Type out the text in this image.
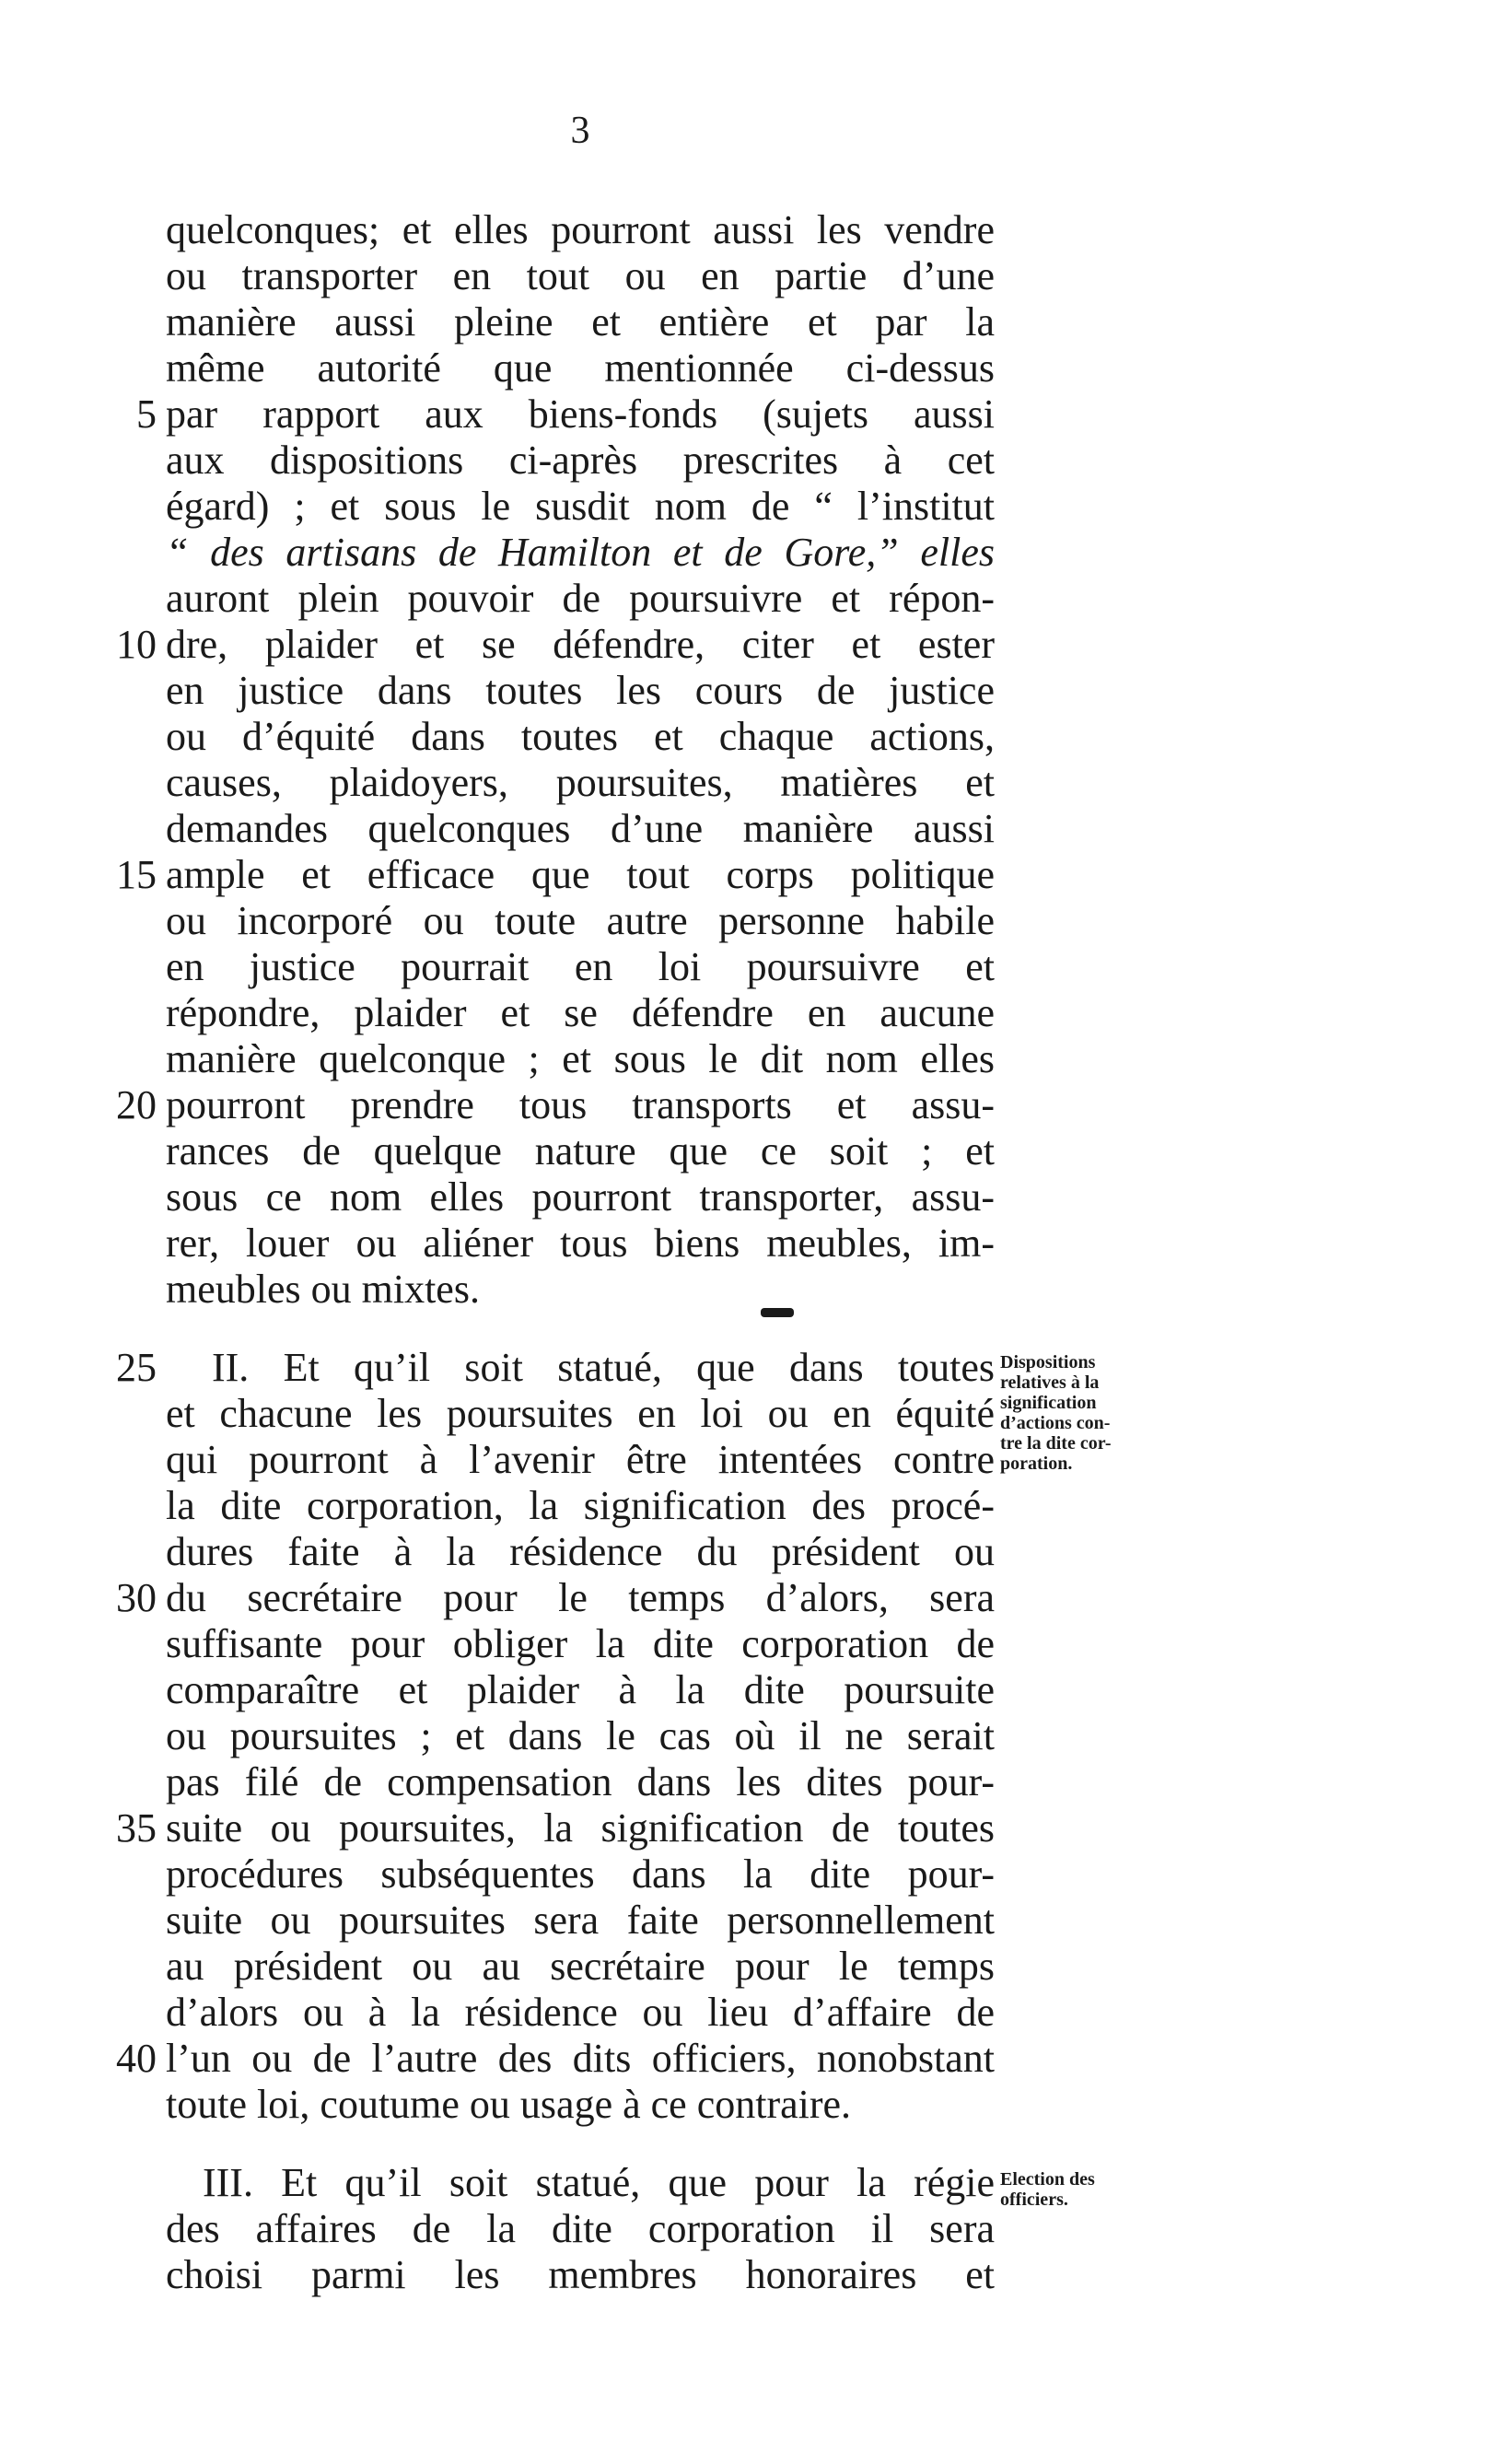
3
quelconques; et elles pourront aussi les vendre
ou transporter en tout ou en partie d’une
manière aussi pleine et entière et par la
même autorité que mentionnée ci-dessus
par rapport aux biens-fonds (sujets aussi
aux dispositions ci-après prescrites à cet
égard) ; et sous le susdit nom de “ l’institut
“ des artisans de Hamilton et de Gore,” elles
auront plein pouvoir de poursuivre et répon-
dre, plaider et se défendre, citer et ester
en justice dans toutes les cours de justice
ou d’équité dans toutes et chaque actions,
causes, plaidoyers, poursuites, matières et
demandes quelconques d’une manière aussi
ample et efficace que tout corps politique
ou incorporé ou toute autre personne habile
en justice pourrait en loi poursuivre et
répondre, plaider et se défendre en aucune
manière quelconque ; et sous le dit nom elles
pourront prendre tous transports et assu-
rances de quelque nature que ce soit ; et
sous ce nom elles pourront transporter, assu-
rer, louer ou aliéner tous biens meubles, im-
meubles ou mixtes.
5
10
15
20
II. Et qu’il soit statué, que dans toutes
et chacune les poursuites en loi ou en équité
qui pourront à l’avenir être intentées contre
la dite corporation, la signification des procé-
dures faite à la résidence du président ou
du secrétaire pour le temps d’alors, sera
suffisante pour obliger la dite corporation de
comparaître et plaider à la dite poursuite
ou poursuites ; et dans le cas où il ne serait
pas filé de compensation dans les dites pour-
suite ou poursuites, la signification de toutes
procédures subséquentes dans la dite pour-
suite ou poursuites sera faite personnellement
au président ou au secrétaire pour le temps
d’alors ou à la résidence ou lieu d’affaire de
l’un ou de l’autre des dits officiers, nonobstant
toute loi, coutume ou usage à ce contraire.
25
30
35
40
Dispositions
relatives à la
signification
d’actions con-
tre la dite cor-
poration.
III. Et qu’il soit statué, que pour la régie
des affaires de la dite corporation il sera
choisi parmi les membres honoraires et
Election des
officiers.
